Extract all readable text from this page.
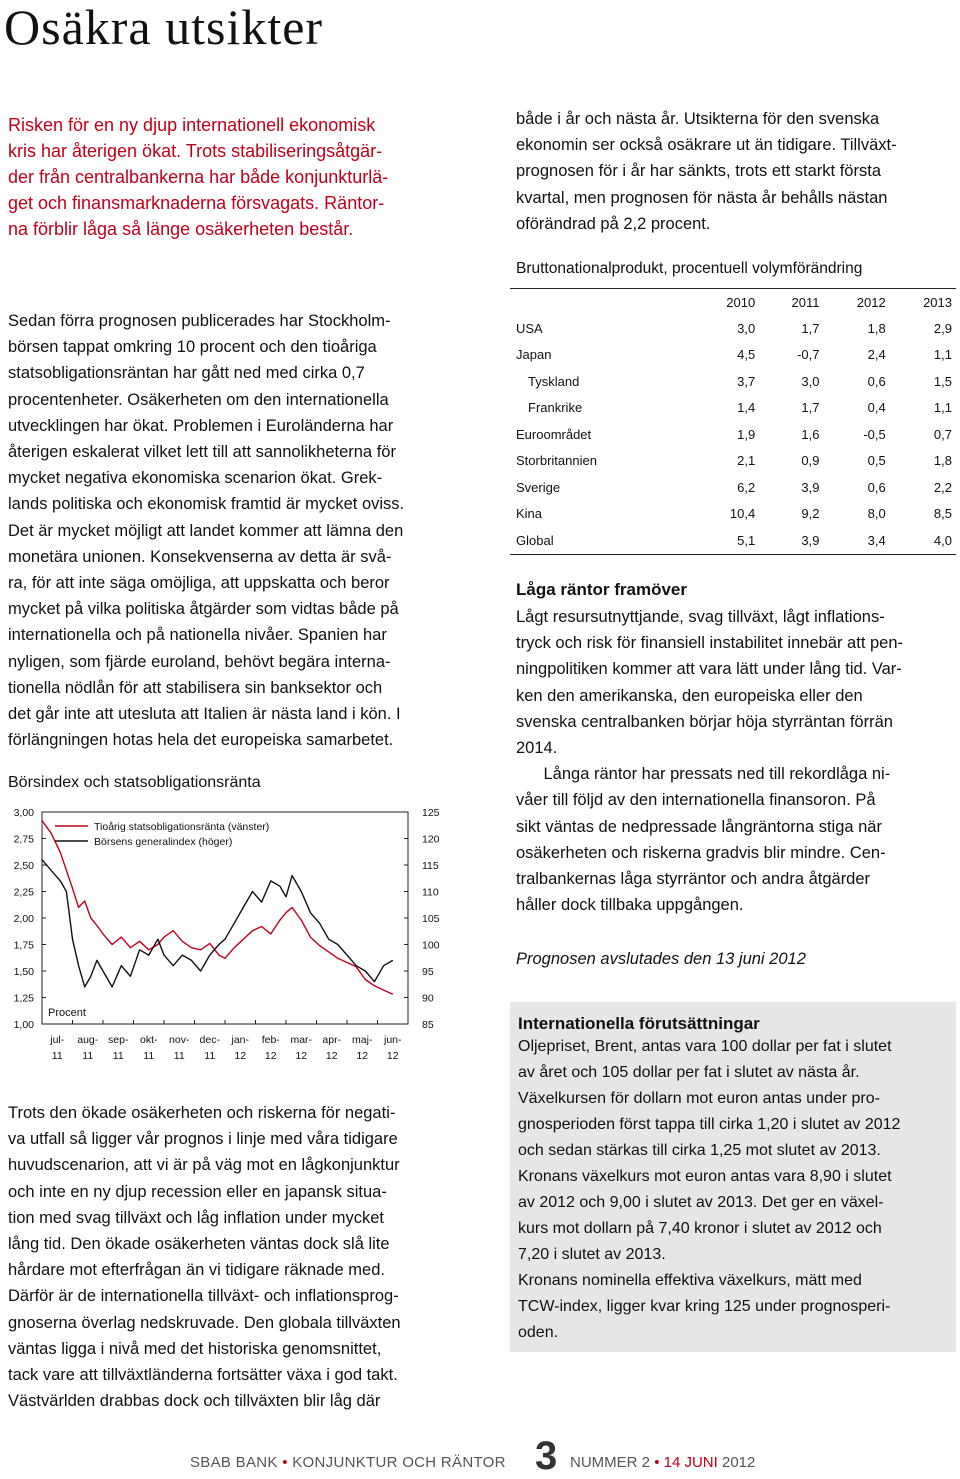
Osäkra utsikter
Risken för en ny djup internationell ekonomisk
kris har återigen ökat. Trots stabiliseringsåtgär-
der från centralbankerna har både konjunkturlä-
get och finansmarknaderna försvagats. Räntor-
na förblir låga så länge osäkerheten består.
Sedan förra prognosen publicerades har Stockholm-
börsen tappat omkring 10 procent och den tioåriga
statsobligationsräntan har gått ned med cirka 0,7
procentenheter. Osäkerheten om den internationella
utvecklingen har ökat. Problemen i Euroländerna har
återigen eskalerat vilket lett till att sannolikheterna för
mycket negativa ekonomiska scenarion ökat. Grek-
lands politiska och ekonomisk framtid är mycket oviss.
Det är mycket möjligt att landet kommer att lämna den
monetära unionen. Konsekvenserna av detta är svå-
ra, för att inte säga omöjliga, att uppskatta och beror
mycket på vilka politiska åtgärder som vidtas både på
internationella och på nationella nivåer. Spanien har
nyligen, som fjärde euroland, behövt begära interna-
tionella nödlån för att stabilisera sin banksektor och
det går inte att utesluta att Italien är nästa land i kön. I
förlängningen hotas hela det europeiska samarbetet.

Börsindex och statsobligationsränta

3,00
2,75
2,50
2,25
2,00
1,75
1,50
1,25
1,00
125
120
115
110
105
100
95
90
85
jul-
11
aug-
11
sep-
11
okt-
11
nov-
11
dec-
11
jan-
12
feb-
12
mar-
12
apr-
12
maj-
12
jun-
12
Tioårig statsobligationsränta (vänster)
Börsens generalindex (höger)
Procent
Trots den ökade osäkerheten och riskerna för negati-
va utfall så ligger vår prognos i linje med våra tidigare
huvudscenarion, att vi är på väg mot en lågkonjunktur
och inte en ny djup recession eller en japansk situa-
tion med svag tillväxt och låg inflation under mycket
lång tid. Den ökade osäkerheten väntas dock slå lite
hårdare mot efterfrågan än vi tidigare räknade med.
Därför är de internationella tillväxt- och inflationsprog-
gnoserna överlag nedskruvade. Den globala tillväxten
väntas ligga i nivå med det historiska genomsnittet,
tack vare att tillväxtländerna fortsätter växa i god takt.
Västvärlden drabbas dock och tillväxten blir låg där
både i år och nästa år. Utsikterna för den svenska
ekonomin ser också osäkrare ut än tidigare. Tillväxt-
prognosen för i år har sänkts, trots ett starkt första
kvartal, men prognosen för nästa år behålls nästan
oförändrad på 2,2 procent.

Bruttonationalprodukt, procentuell volymförändring

	2010	2011	2012	2013
USA	3,0	1,7	1,8	2,9
Japan	4,5	-0,7	2,4	1,1
Tyskland	3,7	3,0	0,6	1,5
Frankrike	1,4	1,7	0,4	1,1
Euroområdet	1,9	1,6	-0,5	0,7
Storbritannien	2,1	0,9	0,5	1,8
Sverige	6,2	3,9	0,6	2,2
Kina	10,4	9,2	8,0	8,5
Global	5,1	3,9	3,4	4,0

Låga räntor framöver

Lågt resursutnyttjande, svag tillväxt, lågt inflations-
tryck och risk för finansiell instabilitet innebär att pen-
ningpolitiken kommer att vara lätt under lång tid. Var-
ken den amerikanska, den europeiska eller den
svenska centralbanken börjar höja styrräntan förrän
2014.
Långa räntor har pressats ned till rekordlåga ni-
våer till följd av den internationella finansoron. På
sikt väntas de nedpressade långräntorna stiga när
osäkerheten och riskerna gradvis blir mindre. Cen-
tralbankernas låga styrräntor och andra åtgärder
håller dock tillbaka uppgången.

Prognosen avslutades den 13 juni 2012

Internationella förutsättningar

Oljepriset, Brent, antas vara 100 dollar per fat i slutet
av året och 105 dollar per fat i slutet av nästa år.
Växelkursen för dollarn mot euron antas under pro-
gnosperioden först tappa till cirka 1,20 i slutet av 2012
och sedan stärkas till cirka 1,25 mot slutet av 2013.
Kronans växelkurs mot euron antas vara 8,90 i slutet
av 2012 och 9,00 i slutet av 2013. Det ger en växel-
kurs mot dollarn på 7,40 kronor i slutet av 2012 och
7,20 i slutet av 2013.
Kronans nominella effektiva växelkurs, mätt med
TCW-index, ligger kvar kring 125 under prognosperi-
oden.
SBAB BANK • KONJUNKTUR OCH RÄNTOR 3 NUMMER 2 • 14 JUNI 2012
